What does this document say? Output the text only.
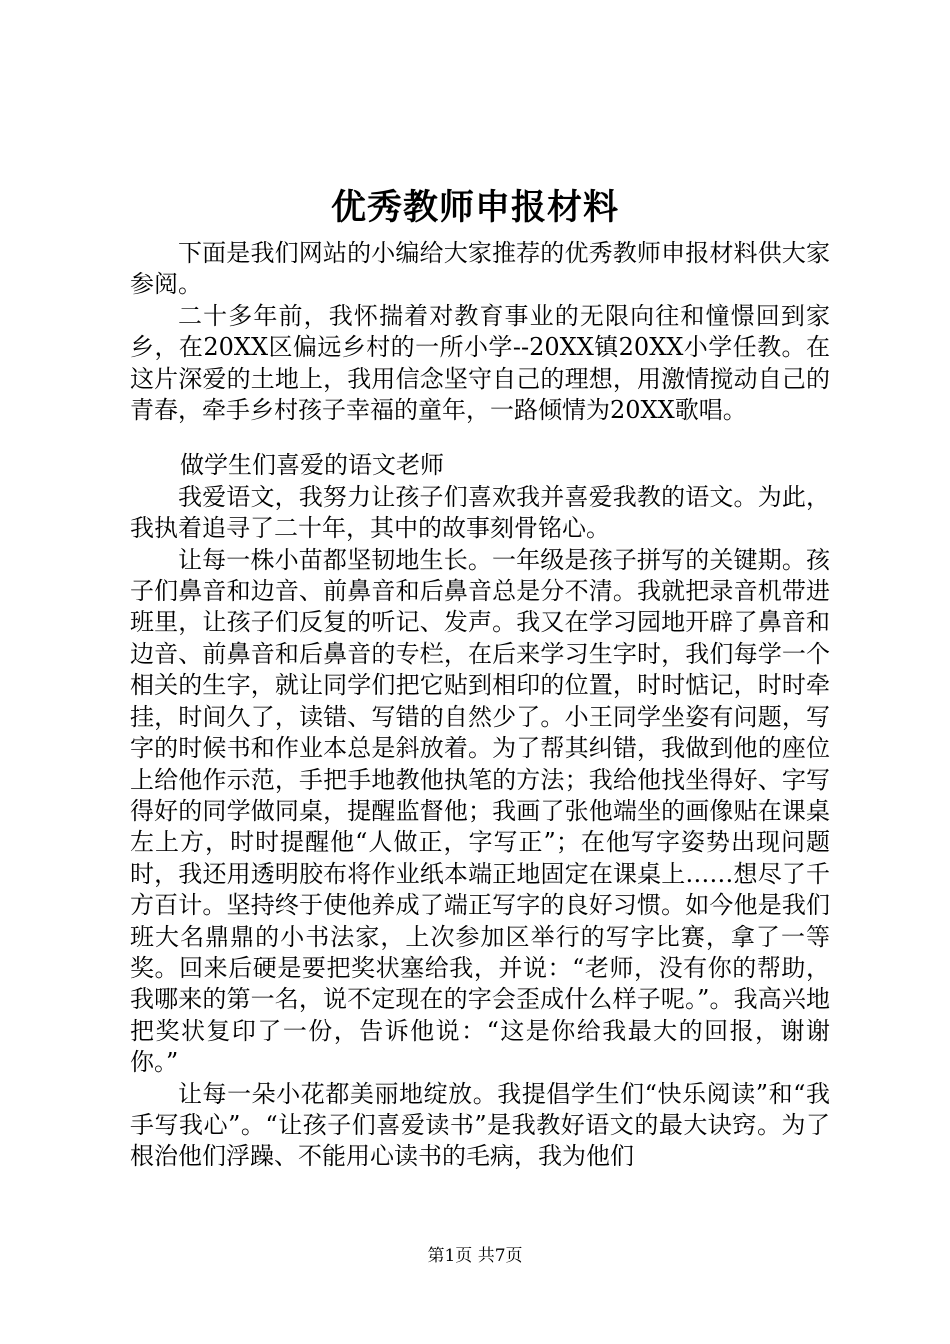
优秀教师申报材料

下面是我们网站的小编给大家推荐的优秀教师申报材料供大家参阅。

二十多年前，我怀揣着对教育事业的无限向往和憧憬回到家乡，在20XX区偏远乡村的一所小学--20XX镇20XX小学任教。在这片深爱的土地上，我用信念坚守自己的理想，用激情搅动自己的青春，牵手乡村孩子幸福的童年，一路倾情为20XX歌唱。

做学生们喜爱的语文老师

我爱语文，我努力让孩子们喜欢我并喜爱我教的语文。为此，我执着追寻了二十年，其中的故事刻骨铭心。

让每一株小苗都坚韧地生长。一年级是孩子拼写的关键期。孩子们鼻音和边音、前鼻音和后鼻音总是分不清。我就把录音机带进班里，让孩子们反复的听记、发声。我又在学习园地开辟了鼻音和边音、前鼻音和后鼻音的专栏，在后来学习生字时，我们每学一个相关的生字，就让同学们把它贴到相印的位置，时时惦记，时时牵挂，时间久了，读错、写错的自然少了。小王同学坐姿有问题，写字的时候书和作业本总是斜放着。为了帮其纠错，我做到他的座位上给他作示范，手把手地教他执笔的方法；我给他找坐得好、字写得好的同学做同桌，提醒监督他；我画了张他端坐的画像贴在课桌左上方，时时提醒他“人做正，字写正”；在他写字姿势出现问题时，我还用透明胶布将作业纸本端正地固定在课桌上……想尽了千方百计。坚持终于使他养成了端正写字的良好习惯。如今他是我们班大名鼎鼎的小书法家，上次参加区举行的写字比赛，拿了一等奖。回来后硬是要把奖状塞给我，并说：“老师，没有你的帮助，我哪来的第一名，说不定现在的字会歪成什么样子呢。”。我高兴地把奖状复印了一份，告诉他说：“这是你给我最大的回报，谢谢你。”

让每一朵小花都美丽地绽放。我提倡学生们“快乐阅读”和“我手写我心”。“让孩子们喜爱读书”是我教好语文的最大诀窍。为了根治他们浮躁、不能用心读书的毛病，我为他们

第1页 共7页
